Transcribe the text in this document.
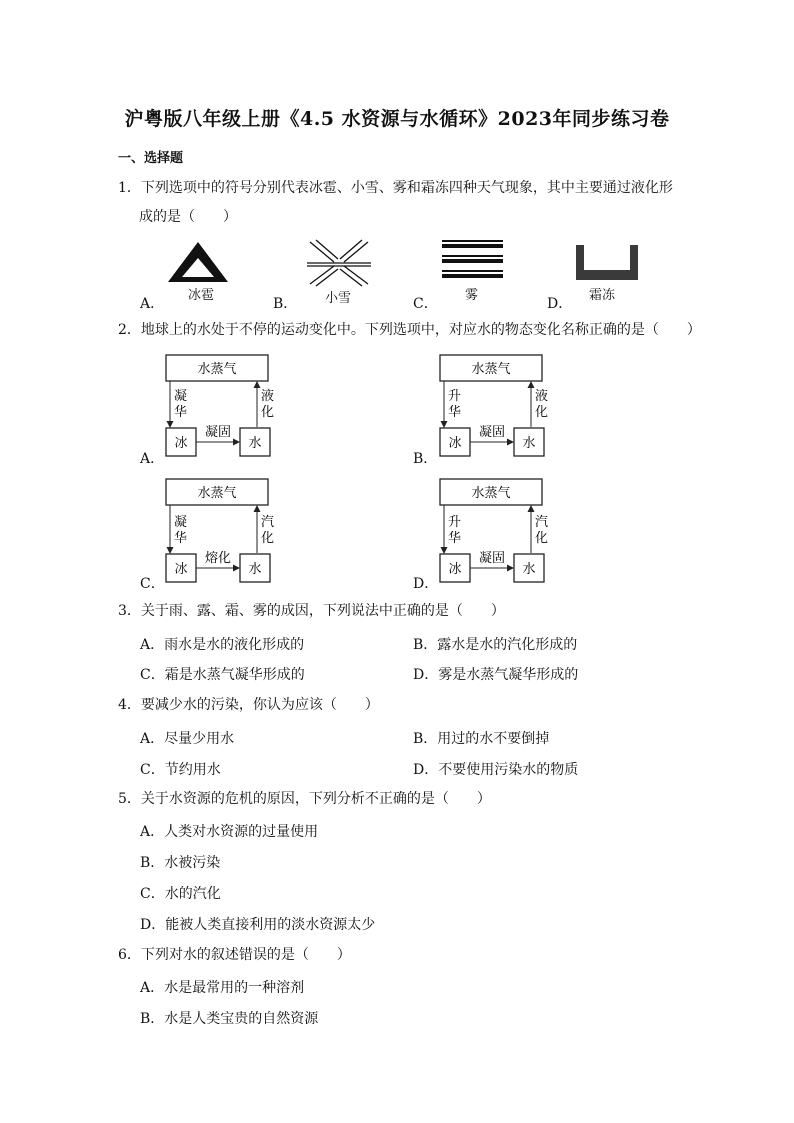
沪粤版八年级上册《4.5 水资源与水循环》2023年同步练习卷
一、选择题
1．下列选项中的符号分别代表冰雹、小雪、雾和霜冻四种天气现象，其中主要通过液化形
成的是（　　）
A．	B．	C．	D．
冰雹	小雪	雾	霜冻
2．地球上的水处于不停的运动变化中。下列选项中，对应水的物态变化名称正确的是（　　）
A．
水蒸气
冰	水
凝
华
液
化
凝固
B．
水蒸气
冰	水
升
华
液
化
凝固
C．
水蒸气
冰	水
凝
华
汽
化
熔化
D．
水蒸气
冰	水
升
华
汽
化
凝固
3．关于雨、露、霜、雾的成因，下列说法中正确的是（　　）
A．雨水是水的液化形成的	B．露水是水的汽化形成的
C．霜是水蒸气凝华形成的	D．雾是水蒸气凝华形成的
4．要减少水的污染，你认为应该（　　）
A．尽量少用水	B．用过的水不要倒掉
C．节约用水	D．不要使用污染水的物质
5．关于水资源的危机的原因，下列分析不正确的是（　　）
A．人类对水资源的过量使用
B．水被污染
C．水的汽化
D．能被人类直接利用的淡水资源太少
6．下列对水的叙述错误的是（　　）
A．水是最常用的一种溶剂
B．水是人类宝贵的自然资源
